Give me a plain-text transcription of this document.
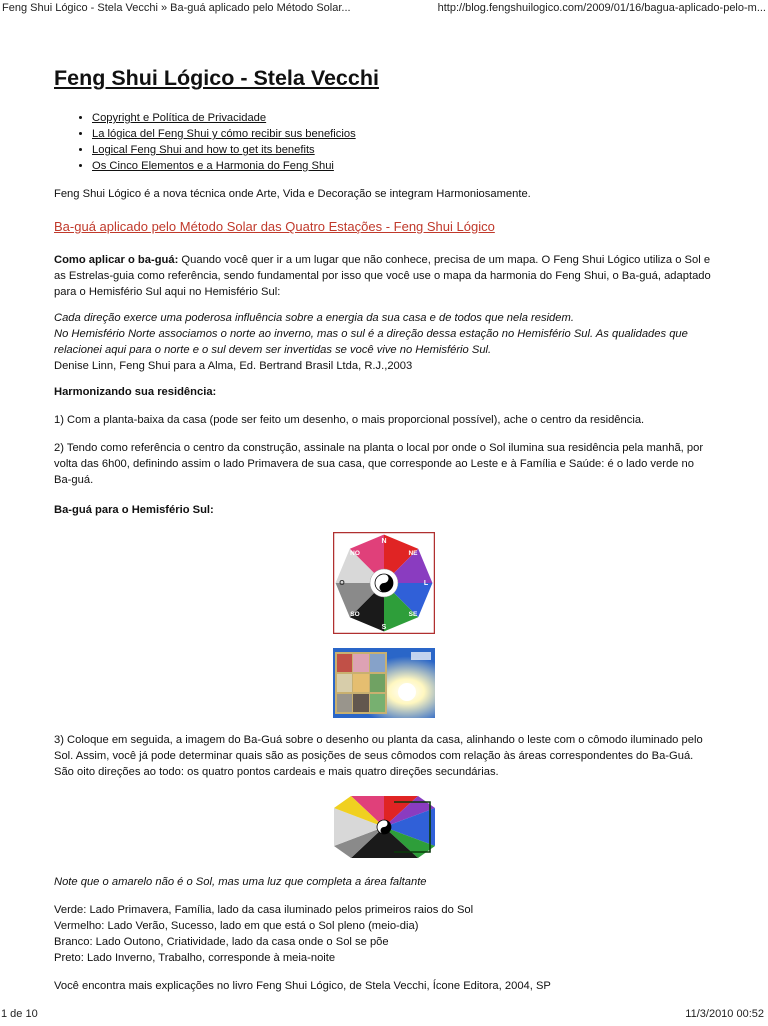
Feng Shui Lógico - Stela Vecchi » Ba-guá aplicado pelo Método Solar...	http://blog.fengshuilogico.com/2009/01/16/bagua-aplicado-pelo-m...
Feng Shui Lógico - Stela Vecchi
• Copyright e Política de Privacidade
• La lógica del Feng Shui y cómo recibir sus beneficios
• Logical Feng Shui and how to get its benefits
• Os Cinco Elementos e a Harmonia do Feng Shui

Feng Shui Lógico é a nova técnica onde Arte, Vida e Decoração se integram Harmoniosamente.

Ba-guá aplicado pelo Método Solar das Quatro Estações - Feng Shui Lógico

Como aplicar o ba-guá: Quando você quer ir a um lugar que não conhece, precisa de um mapa. O Feng Shui Lógico utiliza o Sol e as Estrelas-guia como referência, sendo fundamental por isso que você use o mapa da harmonia do Feng Shui, o Ba-guá, adaptado para o Hemisfério Sul aqui no Hemisfério Sul:

Cada direção exerce uma poderosa influência sobre a energia da sua casa e de todos que nela residem.
No Hemisfério Norte associamos o norte ao inverno, mas o sul é a direção dessa estação no Hemisfério Sul. As qualidades que relacionei aqui para o norte e o sul devem ser invertidas se você vive no Hemisfério Sul.
Denise Linn, Feng Shui para a Alma, Ed. Bertrand Brasil Ltda, R.J.,2003

Harmonizando sua residência:

1) Com a planta-baixa da casa (pode ser feito um desenho, o mais proporcional possível), ache o centro da residência.

2) Tendo como referência o centro da construção, assinale na planta o local por onde o Sol ilumina sua residência pela manhã, por volta das 6h00, definindo assim o lado Primavera de sua casa, que corresponde ao Leste e à Família e Saúde: é o lado verde no Ba-guá.

Ba-guá para o Hemisfério Sul:

N
S
L
O
NE
NO
SE
SO

3) Coloque em seguida, a imagem do Ba-Guá sobre o desenho ou planta da casa, alinhando o leste com o cômodo iluminado pelo Sol. Assim, você já pode determinar quais são as posições de seus cômodos com relação às áreas correspondentes do Ba-Guá. São oito direções ao todo: os quatro pontos cardeais e mais quatro direções secundárias.

Note que o amarelo não é o Sol, mas uma luz que completa a área faltante

Verde: Lado Primavera, Família, lado da casa iluminado pelos primeiros raios do Sol
Vermelho: Lado Verão, Sucesso, lado em que está o Sol pleno (meio-dia)
Branco: Lado Outono, Criatividade, lado da casa onde o Sol se põe
Preto: Lado Inverno, Trabalho, corresponde à meia-noite

Você encontra mais explicações no livro Feng Shui Lógico, de Stela Vecchi, Ícone Editora, 2004, SP

1 de 10	11/3/2010 00:52
